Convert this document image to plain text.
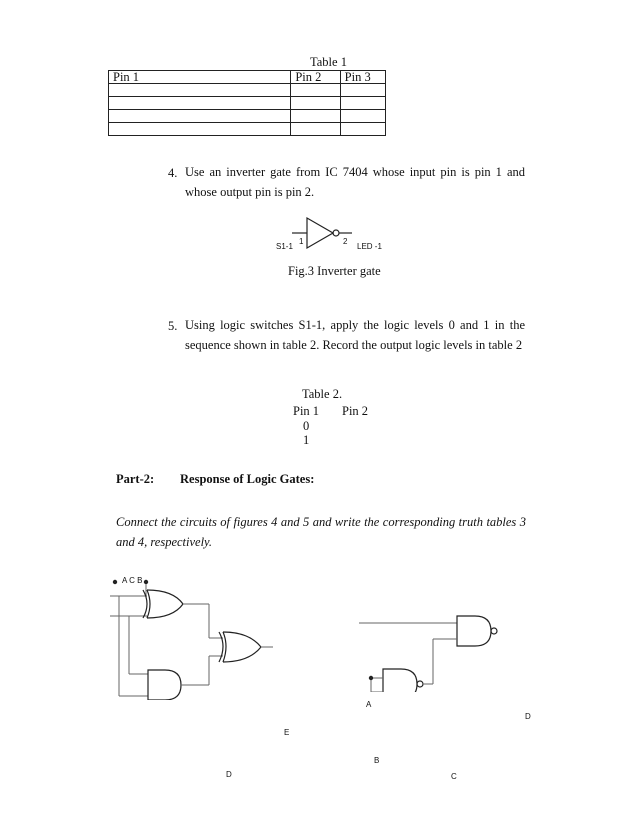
Table 1
Pin 1	Pin 2	Pin 3

4. Use an inverter gate from IC 7404 whose input pin is pin 1 and whose output pin is pin 2.
S1-1
1	2
LED -1
Fig.3 Inverter gate
5. Using logic switches S1-1, apply the logic levels 0 and 1 in the sequence shown in table 2. Record the output logic levels in table 2
Table 2.
Pin 1 Pin 2
0
1
Part-2: Response of Logic Gates:
Connect the circuits of figures 4 and 5 and write the corresponding truth tables 3 and 4, respectively.
A C B
E
D
A
D
B
C
